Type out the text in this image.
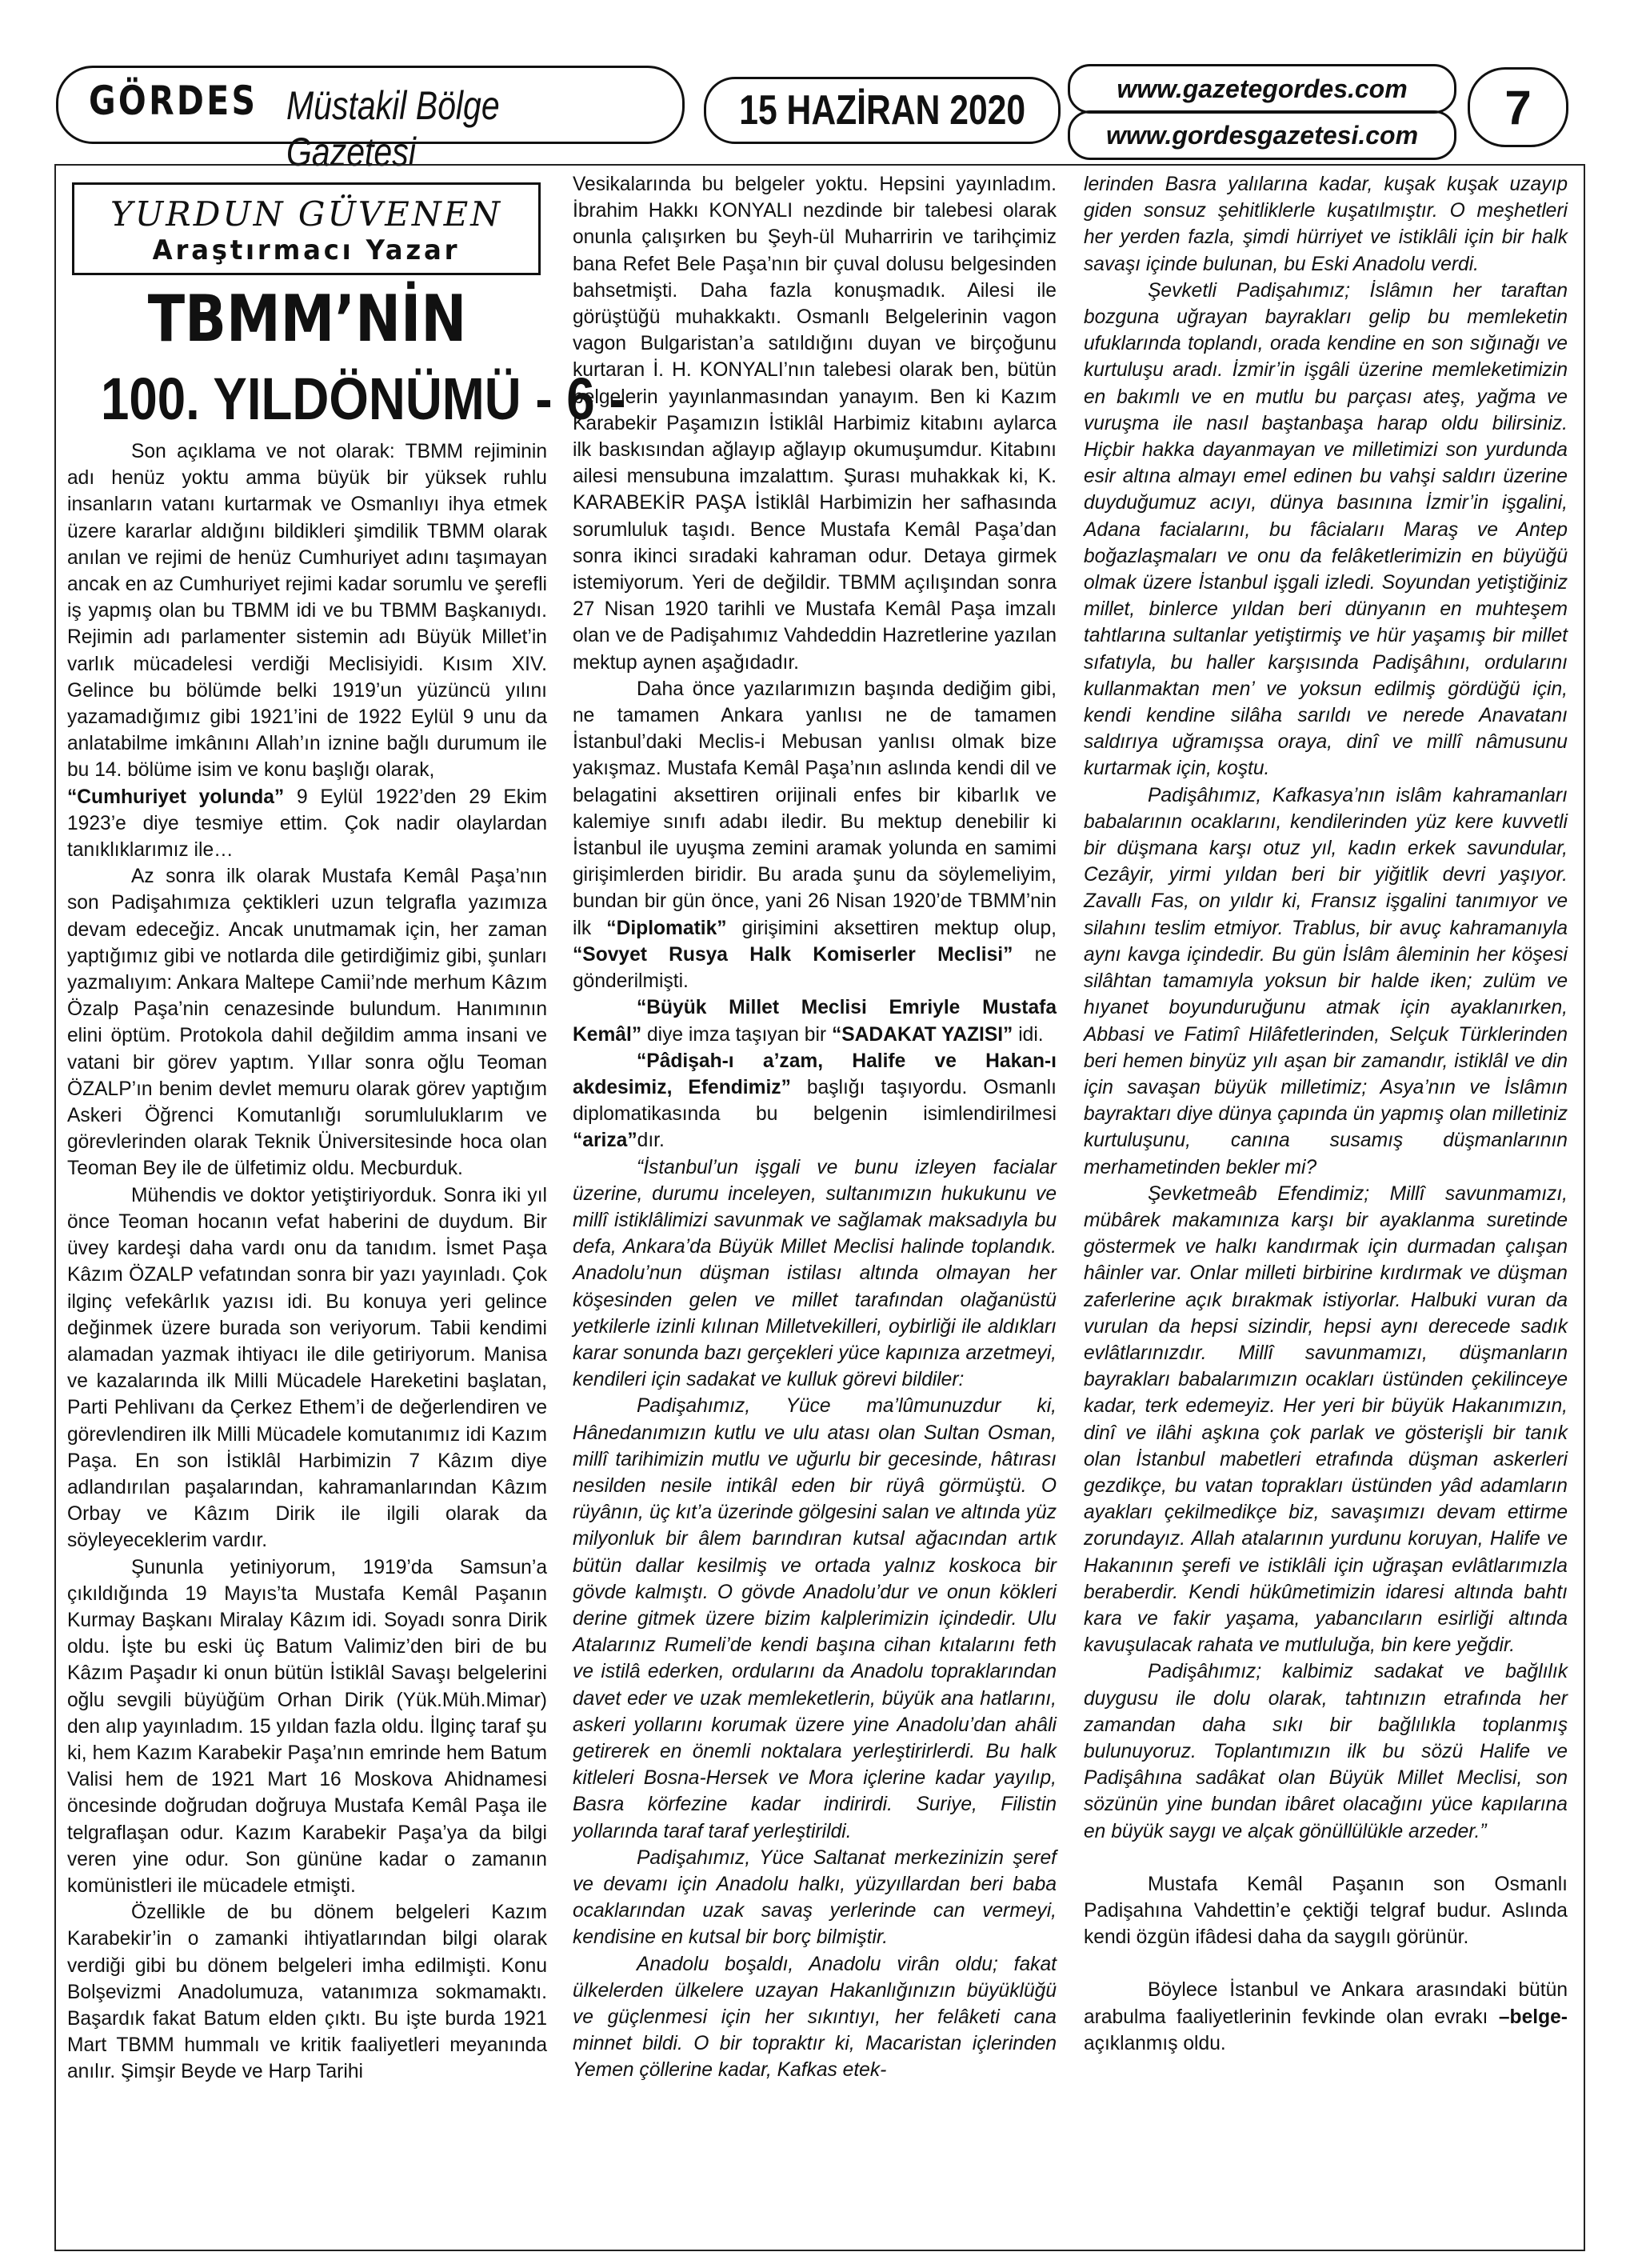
GÖRDES Müstakil Bölge Gazetesi
15 HAZİRAN 2020	www.gazetegordes.com
www.gordesgazetesi.com
7
YURDUN GÜVENEN
Araştırmacı Yazar
TBMM’NİN
100. YILDÖNÜMÜ - 6 -

Son açıklama ve not olarak: TBMM rejiminin adı henüz yoktu amma büyük bir yüksek ruhlu insanların vatanı kurtarmak ve Osmanlıyı ihya etmek üzere kararlar aldığını bildikleri şimdilik TBMM olarak anılan ve rejimi de henüz Cumhuriyet adını taşımayan ancak en az Cumhuriyet rejimi kadar sorumlu ve şerefli iş yapmış olan bu TBMM idi ve bu TBMM Başkanıydı. Rejimin adı parlamenter sistemin adı Büyük Millet’in varlık mücadelesi verdiği Meclisiyidi. Kısım XIV. Gelince bu bölümde belki 1919’un yüzüncü yılını yazamadığımız gibi 1921’ini de 1922 Eylül 9 unu da anlatabilme imkânını Allah’ın iznine bağlı durumum ile bu 14. bölüme isim ve konu başlığı olarak,
“Cumhuriyet yolunda” 9 Eylül 1922’den 29 Ekim 1923’e diye tesmiye ettim. Çok nadir olaylardan tanıklıklarımız ile…

Az sonra ilk olarak Mustafa Kemâl Paşa’nın son Padişahımıza çektikleri uzun telgrafla yazımıza devam edeceğiz. Ancak unutmamak için, her zaman yaptığımız gibi ve notlarda dile getirdiğimiz gibi, şunları yazmalıyım: Ankara Maltepe Camii’nde merhum Kâzım Özalp Paşa’nin cenazesinde bulundum. Hanımının elini öptüm. Protokola dahil değildim amma insani ve vatani bir görev yaptım. Yıllar sonra oğlu Teoman ÖZALP’ın benim devlet memuru olarak görev yaptığım Askeri Öğrenci Komutanlığı sorumluluklarım ve görevlerinden olarak Teknik Üniversitesinde hoca olan Teoman Bey ile de ülfetimiz oldu. Mecburduk.

Mühendis ve doktor yetiştiriyorduk. Sonra iki yıl önce Teoman hocanın vefat haberini de duydum. Bir üvey kardeşi daha vardı onu da tanıdım. İsmet Paşa Kâzım ÖZALP vefatından sonra bir yazı yayınladı. Çok ilginç vefekârlık yazısı idi. Bu konuya yeri gelince değinmek üzere burada son veriyorum. Tabii kendimi alamadan yazmak ihtiyacı ile dile getiriyorum. Manisa ve kazalarında ilk Milli Mücadele Hareketini başlatan, Parti Pehlivanı da Çerkez Ethem’i de değerlendiren ve görevlendiren ilk Milli Mücadele komutanımız idi Kazım Paşa. En son İstiklâl Harbimizin 7 Kâzım diye adlandırılan paşalarından, kahramanlarından Kâzım Orbay ve Kâzım Dirik ile ilgili olarak da söyleyeceklerim vardır.

Şununla yetiniyorum, 1919’da Samsun’a çıkıldığında 19 Mayıs’ta Mustafa Kemâl Paşanın Kurmay Başkanı Miralay Kâzım idi. Soyadı sonra Dirik oldu. İşte bu eski üç Batum Valimiz’den biri de bu Kâzım Paşadır ki onun bütün İstiklâl Savaşı belgelerini oğlu sevgili büyüğüm Orhan Dirik (Yük.Müh.Mimar) den alıp yayınladım. 15 yıldan fazla oldu. İlginç taraf şu ki, hem Kazım Karabekir Paşa’nın emrinde hem Batum Valisi hem de 1921 Mart 16 Moskova Ahidnamesi öncesinde doğrudan doğruya Mustafa Kemâl Paşa ile telgraflaşan odur. Kazım Karabekir Paşa’ya da bilgi veren yine odur. Son gününe kadar o zamanın komünistleri ile mücadele etmişti.

Özellikle de bu dönem belgeleri Kazım Karabekir’in o zamanki ihtiyatlarından bilgi olarak verdiği gibi bu dönem belgeleri imha edilmişti. Konu Bolşevizmi Anadolumuza, vatanımıza sokmamaktı. Başardık fakat Batum elden çıktı. Bu işte burda 1921 Mart TBMM hummalı ve kritik faaliyetleri meyanında anılır. Şimşir Beyde ve Harp Tarihi

Vesikalarında bu belgeler yoktu. Hepsini yayınladım. İbrahim Hakkı KONYALI nezdinde bir talebesi olarak onunla çalışırken bu Şeyh-ül Muharririn ve tarihçimiz bana Refet Bele Paşa’nın bir çuval dolusu belgesinden bahsetmişti. Daha fazla konuşmadık. Ailesi ile görüştüğü muhakkaktı. Osmanlı Belgelerinin vagon vagon Bulgaristan’a satıldığını duyan ve birçoğunu kurtaran İ. H. KONYALI’nın talebesi olarak ben, bütün belgelerin yayınlanmasından yanayım. Ben ki Kazım Karabekir Paşamızın İstiklâl Harbimiz kitabını aylarca ilk baskısından ağlayıp ağlayıp okumuşumdur. Kitabını ailesi mensubuna imzalattım. Şurası muhakkak ki, K. KARABEKİR PAŞA İstiklâl Harbimizin her safhasında sorumluluk taşıdı. Bence Mustafa Kemâl Paşa’dan sonra ikinci sıradaki kahraman odur. Detaya girmek istemiyorum. Yeri de değildir. TBMM açılışından sonra 27 Nisan 1920 tarihli ve Mustafa Kemâl Paşa imzalı olan ve de Padişahımız Vahdeddin Hazretlerine yazılan mektup aynen aşağıdadır.

Daha önce yazılarımızın başında dediğim gibi, ne tamamen Ankara yanlısı ne de tamamen İstanbul’daki Meclis-i Mebusan yanlısı olmak bize yakışmaz. Mustafa Kemâl Paşa’nın aslında kendi dil ve belagatini aksettiren orijinali enfes bir kibarlık ve kalemiye sınıfı adabı iledir. Bu mektup denebilir ki İstanbul ile uyuşma zemini aramak yolunda en samimi girişimlerden biridir. Bu arada şunu da söylemeliyim, bundan bir gün önce, yani 26 Nisan 1920’de TBMM’nin ilk “Diplomatik” girişimini aksettiren mektup olup, “Sovyet Rusya Halk Komiserler Meclisi” ne gönderilmişti.

“Büyük Millet Meclisi Emriyle Mustafa Kemâl” diye imza taşıyan bir “SADAKAT YAZISI” idi.

“Pâdişah-ı a’zam, Halife ve Hakan-ı akdesimiz, Efendimiz” başlığı taşıyordu. Osmanlı diplomatikasında bu belgenin isimlendirilmesi “ariza”dır.

“İstanbul’un işgali ve bunu izleyen facialar üzerine, durumu inceleyen, sultanımızın hukukunu ve millî istiklâlimizi savunmak ve sağlamak maksadıyla bu defa, Ankara’da Büyük Millet Meclisi halinde toplandık. Anadolu’nun düşman istilası altında olmayan her köşesinden gelen ve millet tarafından olağanüstü yetkilerle izinli kılınan Milletvekilleri, oybirliği ile aldıkları karar sonunda bazı gerçekleri yüce kapınıza arzetmeyi, kendileri için sadakat ve kulluk görevi bildiler:

Padişahımız, Yüce ma’lûmunuzdur ki, Hânedanımızın kutlu ve ulu atası olan Sultan Osman, millî tarihimizin mutlu ve uğurlu bir gecesinde, hâtırası nesilden nesile intikâl eden bir rüyâ görmüştü. O rüyânın, üç kıt’a üzerinde gölgesini salan ve altında yüz milyonluk bir âlem barındıran kutsal ağacından artık bütün dallar kesilmiş ve ortada yalnız koskoca bir gövde kalmıştı. O gövde Anadolu’dur ve onun kökleri derine gitmek üzere bizim kalplerimizin içindedir. Ulu Atalarınız Rumeli’de kendi başına cihan kıtalarını feth ve istilâ ederken, ordularını da Anadolu topraklarından davet eder ve uzak memleketlerin, büyük ana hatlarını, askeri yollarını korumak üzere yine Anadolu’dan ahâli getirerek en önemli noktalara yerleştirirlerdi. Bu halk kitleleri Bosna-Hersek ve Mora içlerine kadar yayılıp, Basra körfezine kadar indirirdi. Suriye, Filistin yollarında taraf taraf yerleştirildi.

Padişahımız, Yüce Saltanat merkezinizin şeref ve devamı için Anadolu halkı, yüzyıllardan beri baba ocaklarından uzak savaş yerlerinde can vermeyi, kendisine en kutsal bir borç bilmiştir.

Anadolu boşaldı, Anadolu virân oldu; fakat ülkelerden ülkelere uzayan Hakanlığınızın büyüklüğü ve güçlenmesi için her sıkıntıyı, her felâketi cana minnet bildi. O bir topraktır ki, Macaristan içlerinden Yemen çöllerine kadar, Kafkas etek-

lerinden Basra yalılarına kadar, kuşak kuşak uzayıp giden sonsuz şehitliklerle kuşatılmıştır. O meşhetleri her yerden fazla, şimdi hürriyet ve istiklâli için bir halk savaşı içinde bulunan, bu Eski Anadolu verdi.

Şevketli Padişahımız; İslâmın her taraftan bozguna uğrayan bayrakları gelip bu memleketin ufuklarında toplandı, orada kendine en son sığınağı ve kurtuluşu aradı. İzmir’in işgâli üzerine memleketimizin en bakımlı ve en mutlu bu parçası ateş, yağma ve vuruşma ile nasıl baştanbaşa harap oldu bilirsiniz. Hiçbir hakka dayanmayan ve milletimizi son yurdunda esir altına almayı emel edinen bu vahşi saldırı üzerine duyduğumuz acıyı, dünya basınına İzmir’in işgalini, Adana facialarını, bu fâcialarıı Maraş ve Antep boğazlaşmaları ve onu da felâketlerimizin en büyüğü olmak üzere İstanbul işgali izledi. Soyundan yetiştiğiniz millet, binlerce yıldan beri dünyanın en muhteşem tahtlarına sultanlar yetiştirmiş ve hür yaşamış bir millet sıfatıyla, bu haller karşısında Padişâhını, ordularını kullanmaktan men’ ve yoksun edilmiş gördüğü için, kendi kendine silâha sarıldı ve nerede Anavatanı saldırıya uğramışsa oraya, dinî ve millî nâmusunu kurtarmak için, koştu.

Padişâhımız, Kafkasya’nın islâm kahramanları babalarının ocaklarını, kendilerinden yüz kere kuvvetli bir düşmana karşı otuz yıl, kadın erkek savundular, Cezâyir, yirmi yıldan beri bir yiğitlik devri yaşıyor. Zavallı Fas, on yıldır ki, Fransız işgalini tanımıyor ve silahını teslim etmiyor. Trablus, bir avuç kahramanıyla aynı kavga içindedir. Bu gün İslâm âleminin her köşesi silâhtan tamamıyla yoksun bir halde iken; zulüm ve hıyanet boyunduruğunu atmak için ayaklanırken, Abbasi ve Fatimî Hilâfetlerinden, Selçuk Türklerinden beri hemen binyüz yılı aşan bir zamandır, istiklâl ve din için savaşan büyük milletimiz; Asya’nın ve İslâmın bayraktarı diye dünya çapında ün yapmış olan milletiniz kurtuluşunu, canına susamış düşmanlarının merhametinden bekler mi?

Şevketmeâb Efendimiz; Millî savunmamızı, mübârek makamınıza karşı bir ayaklanma suretinde göstermek ve halkı kandırmak için durmadan çalışan hâinler var. Onlar milleti birbirine kırdırmak ve düşman zaferlerine açık bırakmak istiyorlar. Halbuki vuran da vurulan da hepsi sizindir, hepsi aynı derecede sadık evlâtlarınızdır. Millî savunmamızı, düşmanların bayrakları babalarımızın ocakları üstünden çekilinceye kadar, terk edemeyiz. Her yeri bir büyük Hakanımızın, dinî ve ilâhi aşkına çok parlak ve gösterişli bir tanık olan İstanbul mabetleri etrafında düşman askerleri gezdikçe, bu vatan toprakları üstünden yâd adamların ayakları çekilmedikçe biz, savaşımızı devam ettirme zorundayız. Allah atalarının yurdunu koruyan, Halife ve Hakanının şerefi ve istiklâli için uğraşan evlâtlarımızla beraberdir. Kendi hükûmetimizin idaresi altında bahtı kara ve fakir yaşama, yabancıların esirliği altında kavuşulacak rahata ve mutluluğa, bin kere yeğdir.

Padişâhımız; kalbimiz sadakat ve bağlılık duygusu ile dolu olarak, tahtınızın etrafında her zamandan daha sıkı bir bağlılıkla toplanmış bulunuyoruz. Toplantımızın ilk bu sözü Halife ve Padişâhına sadâkat olan Büyük Millet Meclisi, son sözünün yine bundan ibâret olacağını yüce kapılarına en büyük saygı ve alçak gönüllülükle arzeder.”

Mustafa Kemâl Paşanın son Osmanlı Padişahına Vahdettin’e çektiği telgraf budur. Aslında kendi özgün ifâdesi daha da saygılı görünür.

Böylece İstanbul ve Ankara arasındaki bütün arabulma faaliyetlerinin fevkinde olan evrakı –belge- açıklanmış oldu.
